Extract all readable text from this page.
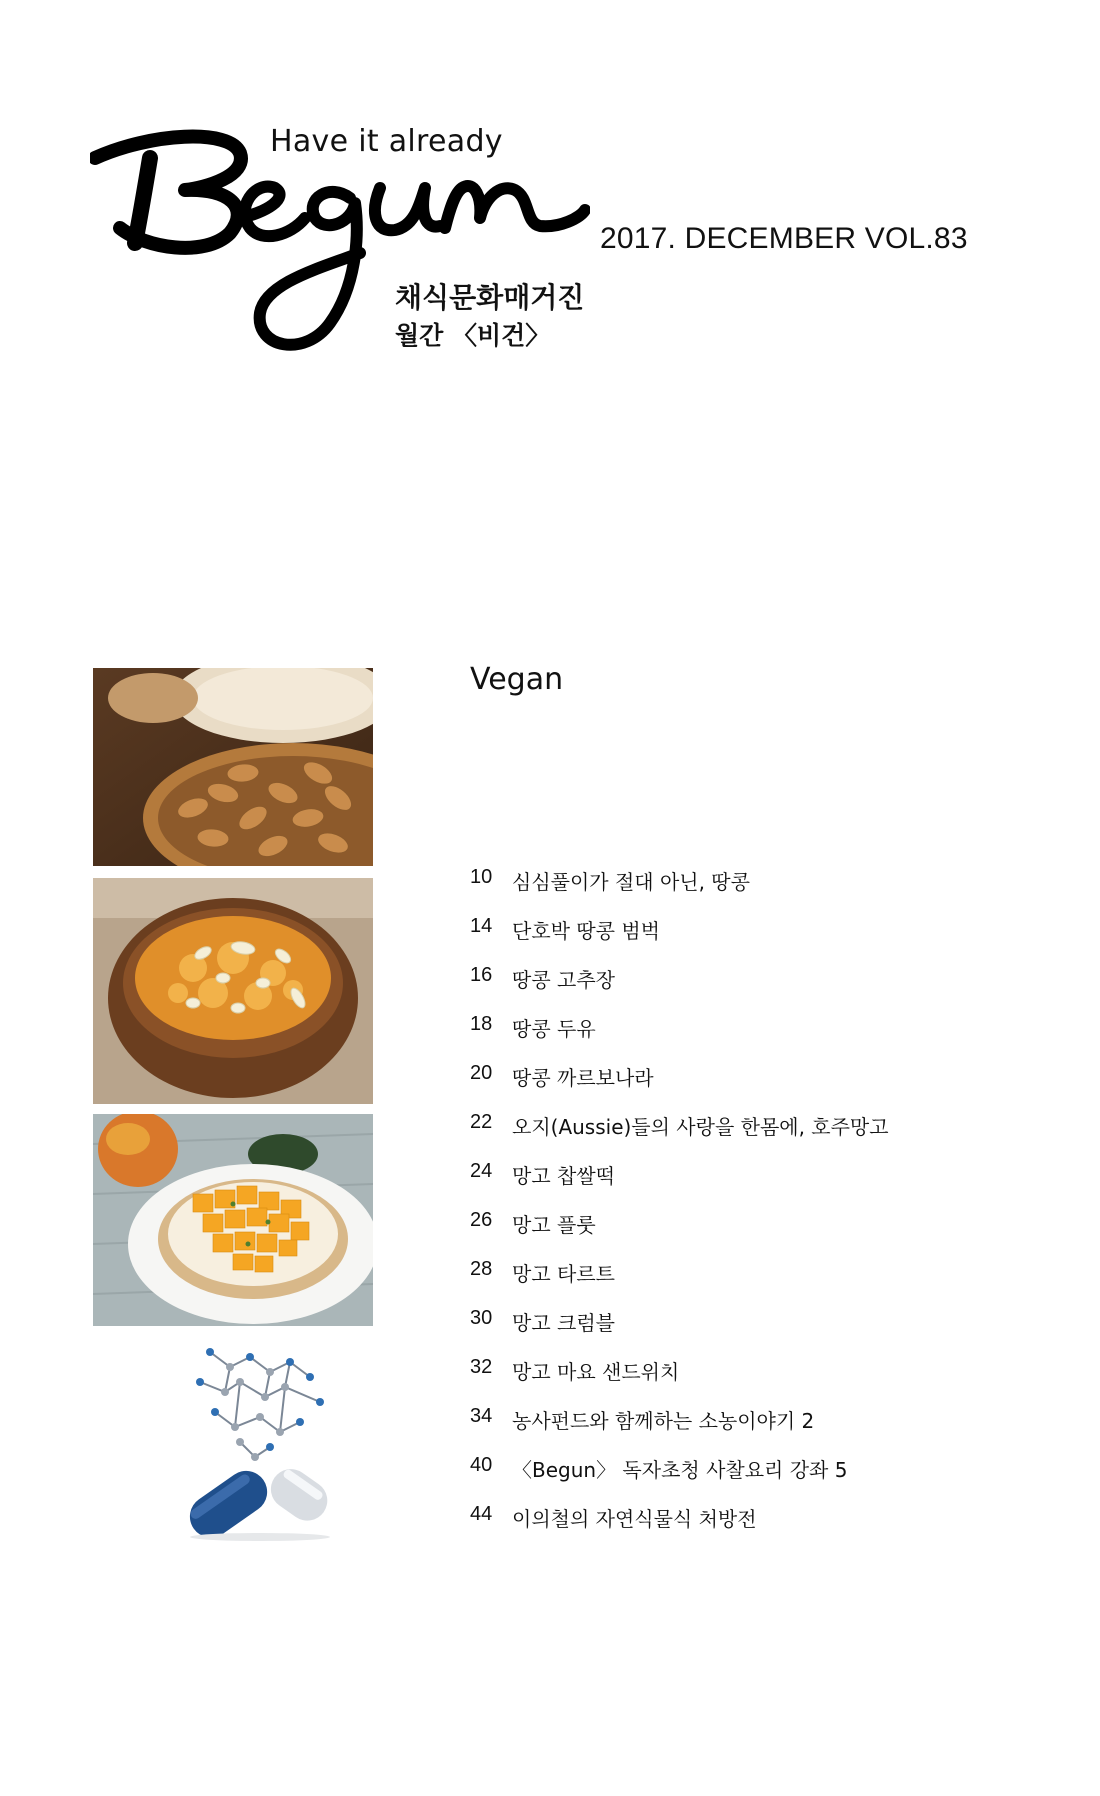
Have it already
채식문화매거진
월간 〈비건〉
2017. DECEMBER VOL.83
Vegan
10 심심풀이가 절대 아닌, 땅콩
14 단호박 땅콩 범벅
16 땅콩 고추장
18 땅콩 두유
20 땅콩 까르보나라
22 오지(Aussie)들의 사랑을 한몸에, 호주망고
24 망고 찹쌀떡
26 망고 플룻
28 망고 타르트
30 망고 크럼블
32 망고 마요 샌드위치
34 농사펀드와 함께하는 소농이야기 2
40 〈Begun〉 독자초청 사찰요리 강좌 5
44 이의철의 자연식물식 처방전
